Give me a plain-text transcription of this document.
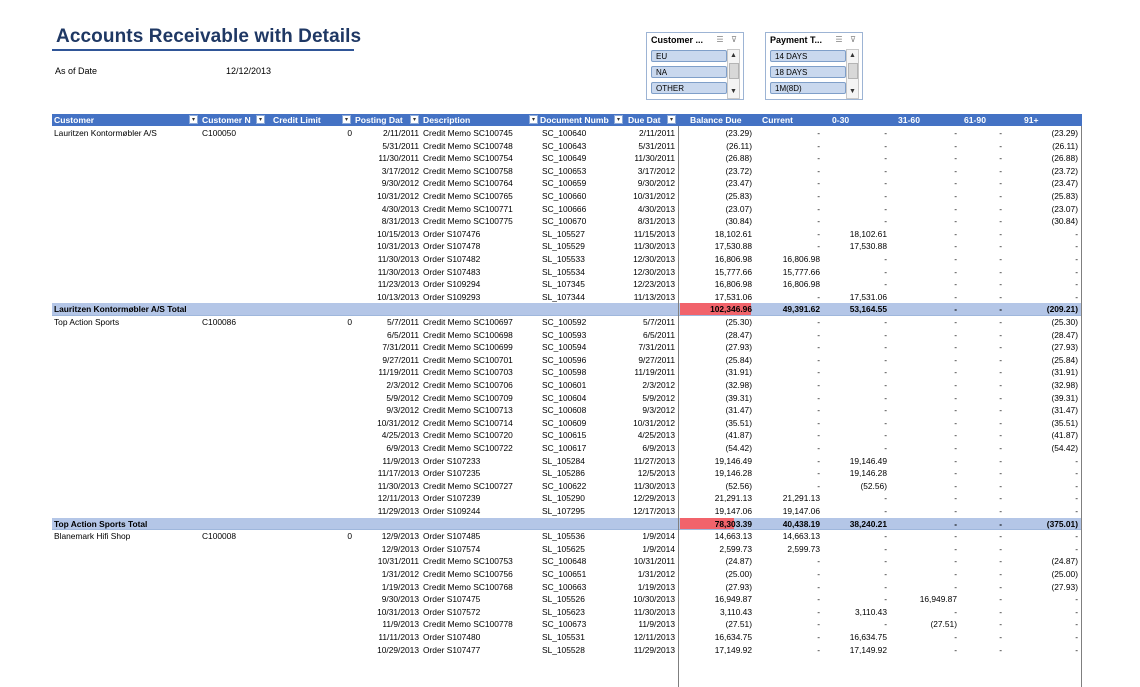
Accounts Receivable with Details
As of Date	12/12/2013
Customer ... ☰ ⊽
EU
NA
OTHER
▲
▼
Payment T... ☰ ⊽
14 DAYS
18 DAYS
1M(8D)
▲
▼
Customer	▾ Customer N	▾	Credit Limit	▾ Posting Dat	▾ Description	▾ Document Numb	▾ Due Dat	▾	Balance Due	Current	0-30	31-60	61-90	91+
Lauritzen Kontormøbler A/S	C100050	0	2/11/2011 Credit Memo SC100745	SC_100640	2/11/2011	(23.29)	-	-	-	-	(23.29)
5/31/2011 Credit Memo SC100748	SC_100643	5/31/2011	(26.11)	-	-	-	-	(26.11)
11/30/2011 Credit Memo SC100754	SC_100649	11/30/2011	(26.88)	-	-	-	-	(26.88)
3/17/2012 Credit Memo SC100758	SC_100653	3/17/2012	(23.72)	-	-	-	-	(23.72)
9/30/2012 Credit Memo SC100764	SC_100659	9/30/2012	(23.47)	-	-	-	-	(23.47)
10/31/2012 Credit Memo SC100765	SC_100660	10/31/2012	(25.83)	-	-	-	-	(25.83)
4/30/2013 Credit Memo SC100771	SC_100666	4/30/2013	(23.07)	-	-	-	-	(23.07)
8/31/2013 Credit Memo SC100775	SC_100670	8/31/2013	(30.84)	-	-	-	-	(30.84)
10/15/2013 Order S107476	SL_105527	11/15/2013	18,102.61	-	18,102.61	-	-	-
10/31/2013 Order S107478	SL_105529	11/30/2013	17,530.88	-	17,530.88	-	-	-
11/30/2013 Order S107482	SL_105533	12/30/2013	16,806.98	16,806.98	-	-	-	-
11/30/2013 Order S107483	SL_105534	12/30/2013	15,777.66	15,777.66	-	-	-	-
11/23/2013 Order S109294	SL_107345	12/23/2013	16,806.98	16,806.98	-	-	-	-
10/13/2013 Order S109293	SL_107344	11/13/2013	17,531.06	-	17,531.06	-	-	-
Lauritzen Kontormøbler A/S Total	102,346.96	49,391.62	53,164.55	-	-	(209.21)
Top Action Sports	C100086	0	5/7/2011 Credit Memo SC100697	SC_100592	5/7/2011	(25.30)	-	-	-	-	(25.30)
6/5/2011 Credit Memo SC100698	SC_100593	6/5/2011	(28.47)	-	-	-	-	(28.47)
7/31/2011 Credit Memo SC100699	SC_100594	7/31/2011	(27.93)	-	-	-	-	(27.93)
9/27/2011 Credit Memo SC100701	SC_100596	9/27/2011	(25.84)	-	-	-	-	(25.84)
11/19/2011 Credit Memo SC100703	SC_100598	11/19/2011	(31.91)	-	-	-	-	(31.91)
2/3/2012 Credit Memo SC100706	SC_100601	2/3/2012	(32.98)	-	-	-	-	(32.98)
5/9/2012 Credit Memo SC100709	SC_100604	5/9/2012	(39.31)	-	-	-	-	(39.31)
9/3/2012 Credit Memo SC100713	SC_100608	9/3/2012	(31.47)	-	-	-	-	(31.47)
10/31/2012 Credit Memo SC100714	SC_100609	10/31/2012	(35.51)	-	-	-	-	(35.51)
4/25/2013 Credit Memo SC100720	SC_100615	4/25/2013	(41.87)	-	-	-	-	(41.87)
6/9/2013 Credit Memo SC100722	SC_100617	6/9/2013	(54.42)	-	-	-	-	(54.42)
11/9/2013 Order S107233	SL_105284	11/27/2013	19,146.49	-	19,146.49	-	-	-
11/17/2013 Order S107235	SL_105286	12/5/2013	19,146.28	-	19,146.28	-	-	-
11/30/2013 Credit Memo SC100727	SC_100622	11/30/2013	(52.56)	-	(52.56)	-	-	-
12/11/2013 Order S107239	SL_105290	12/29/2013	21,291.13	21,291.13	-	-	-	-
11/29/2013 Order S109244	SL_107295	12/17/2013	19,147.06	19,147.06	-	-	-	-
Top Action Sports Total	78,303.39	40,438.19	38,240.21	-	-	(375.01)
Blanemark Hifi Shop	C100008	0	12/9/2013 Order S107485	SL_105536	1/9/2014	14,663.13	14,663.13	-	-	-	-
12/9/2013 Order S107574	SL_105625	1/9/2014	2,599.73	2,599.73	-	-	-	-
10/31/2011 Credit Memo SC100753	SC_100648	10/31/2011	(24.87)	-	-	-	-	(24.87)
1/31/2012 Credit Memo SC100756	SC_100651	1/31/2012	(25.00)	-	-	-	-	(25.00)
1/19/2013 Credit Memo SC100768	SC_100663	1/19/2013	(27.93)	-	-	-	-	(27.93)
9/30/2013 Order S107475	SL_105526	10/30/2013	16,949.87	-	-	16,949.87	-	-
10/31/2013 Order S107572	SL_105623	11/30/2013	3,110.43	-	3,110.43	-	-	-
11/9/2013 Credit Memo SC100778	SC_100673	11/9/2013	(27.51)	-	-	(27.51)	-	-
11/11/2013 Order S107480	SL_105531	12/11/2013	16,634.75	-	16,634.75	-	-	-
10/29/2013 Order S107477	SL_105528	11/29/2013	17,149.92	-	17,149.92	-	-	-
